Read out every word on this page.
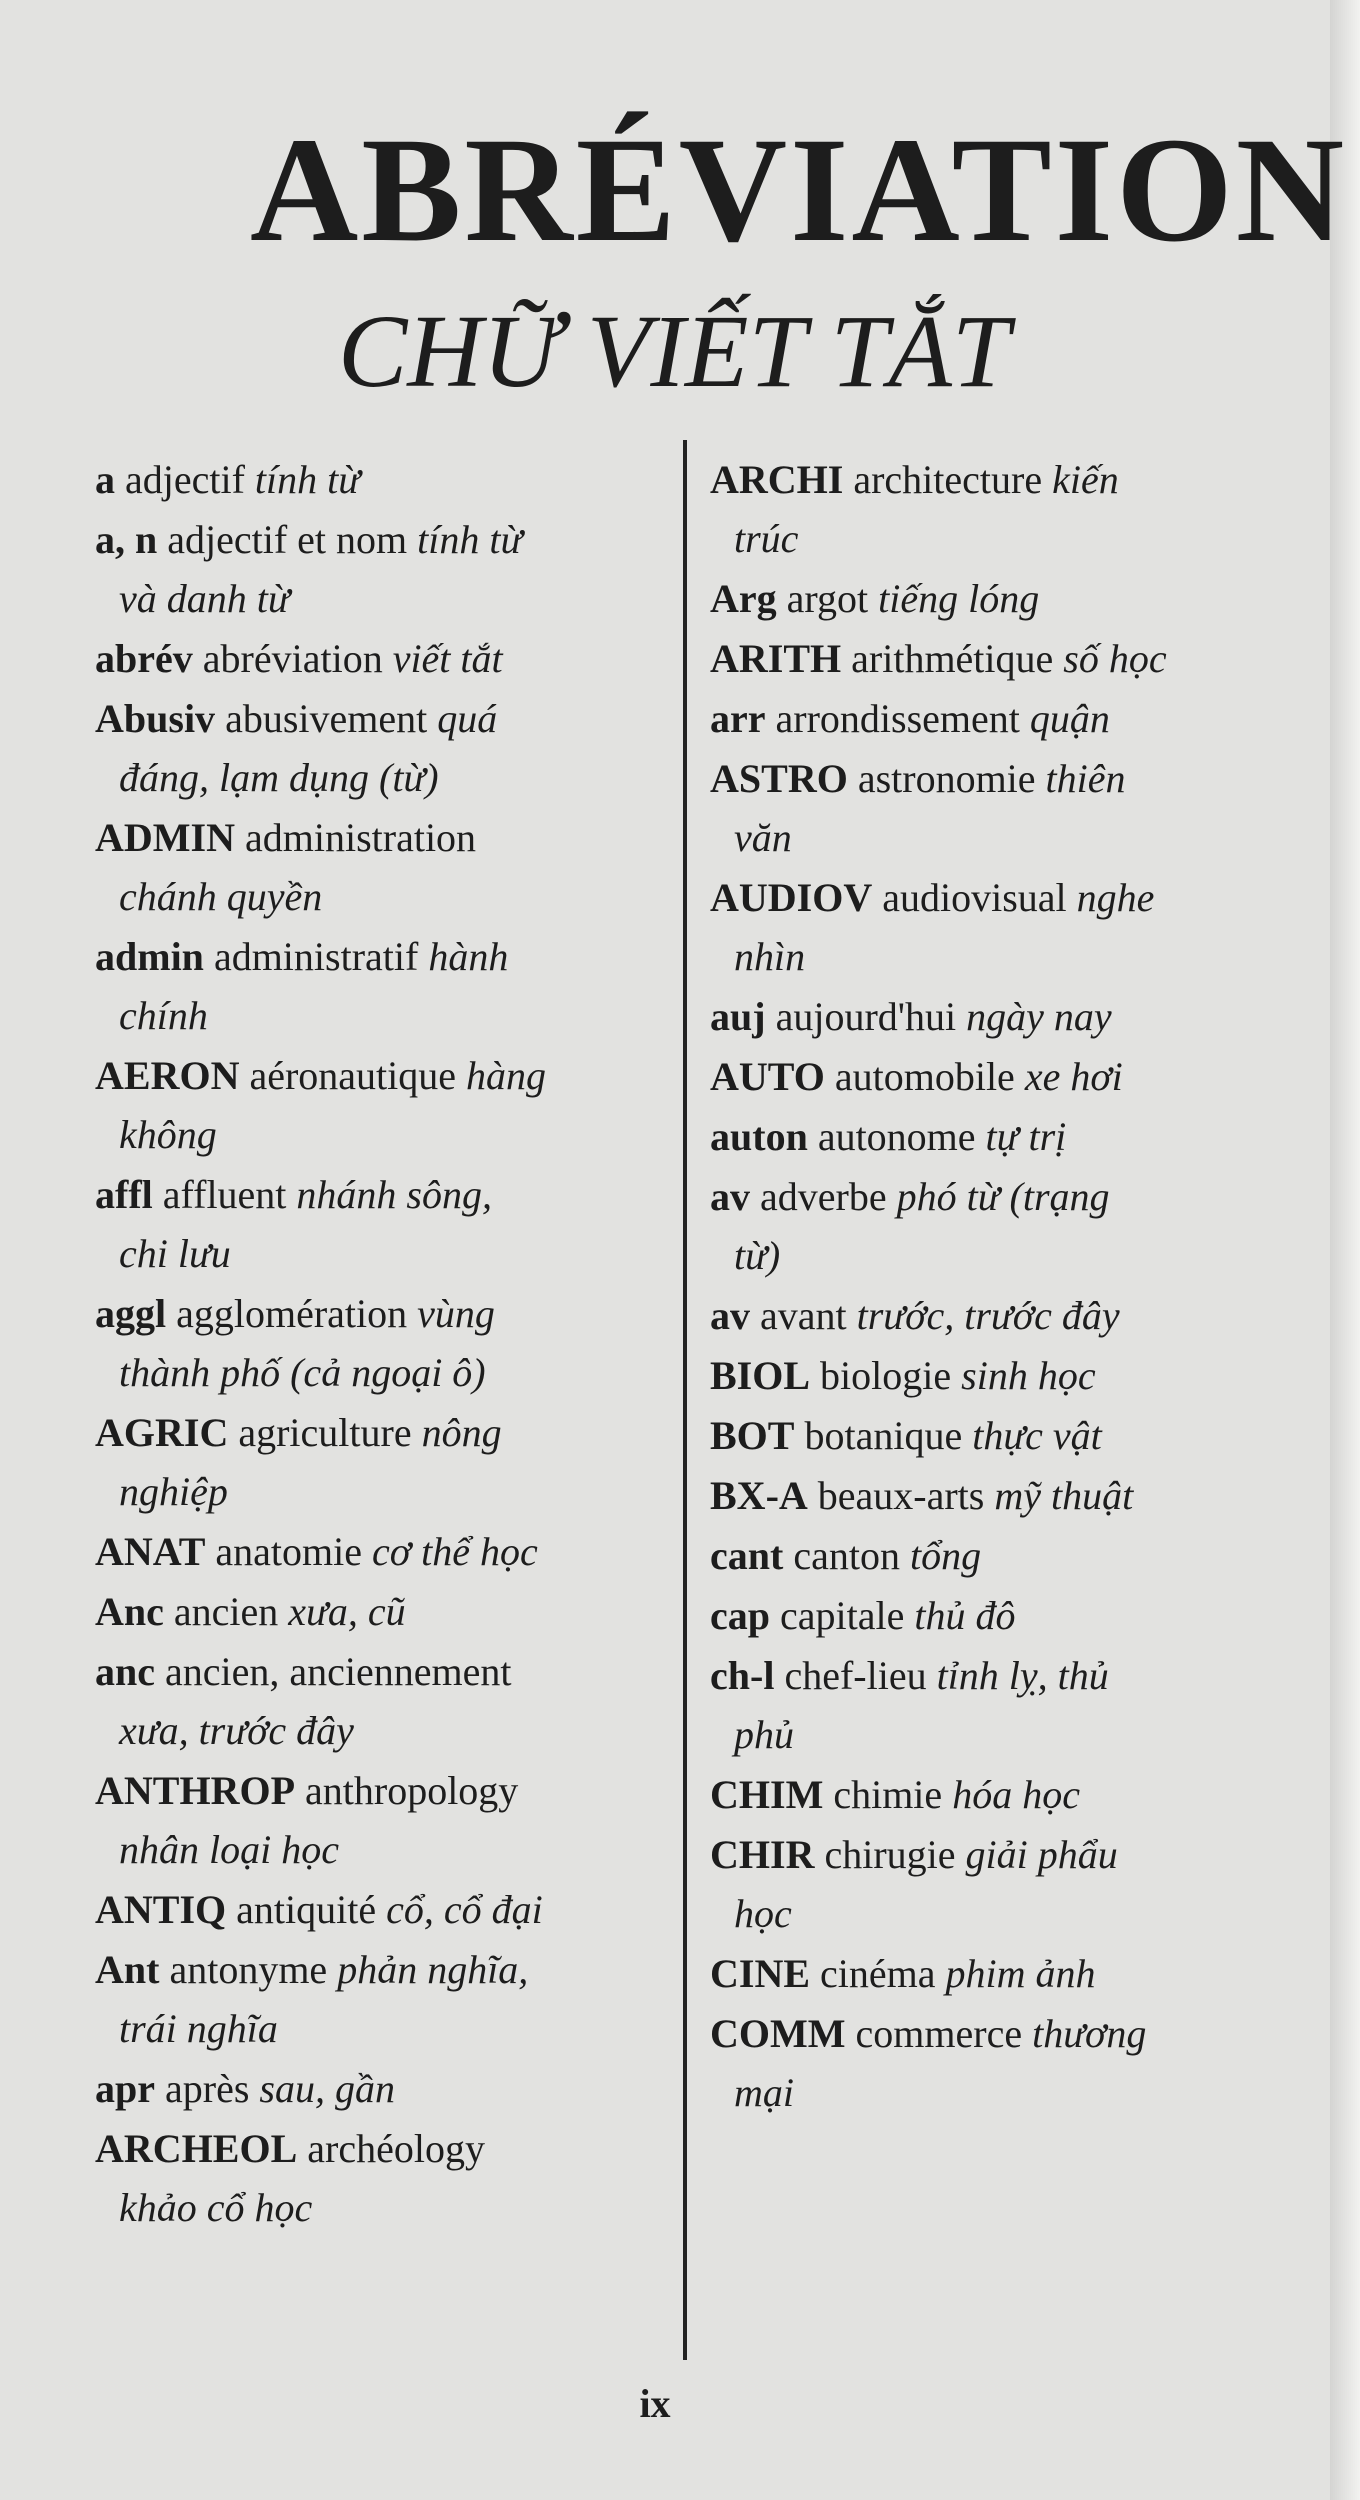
ABRÉVIATION
CHỮ VIẾT TẮT
a adjectif tính từ
a, n adjectif et nom tính từ
và danh từ
abrév abréviation viết tắt
Abusiv abusivement quá
đáng, lạm dụng (từ)
ADMIN administration
chánh quyền
admin administratif hành
chính
AERON aéronautique hàng
không
affl affluent nhánh sông,
chi lưu
aggl agglomération vùng
thành phố (cả ngoại ô)
AGRIC agriculture nông
nghiệp
ANAT anatomie cơ thể học
Anc ancien xưa, cũ
anc ancien, anciennement
xưa, trước đây
ANTHROP anthropology
nhân loại học
ANTIQ antiquité cổ, cổ đại
Ant antonyme phản nghĩa,
trái nghĩa
apr après sau, gần
ARCHEOL archéology
khảo cổ học
ARCHI architecture kiến
trúc
Arg argot tiếng lóng
ARITH arithmétique số học
arr arrondissement quận
ASTRO astronomie thiên
văn
AUDIOV audiovisual nghe
nhìn
auj aujourd'hui ngày nay
AUTO automobile xe hơi
auton autonome tự trị
av adverbe phó từ (trạng
từ)
av avant trước, trước đây
BIOL biologie sinh học
BOT botanique thực vật
BX-A beaux-arts mỹ thuật
cant canton tổng
cap capitale thủ đô
ch-l chef-lieu tỉnh lỵ, thủ
phủ
CHIM chimie hóa học
CHIR chirugie giải phẩu
học
CINE cinéma phim ảnh
COMM commerce thương
mại
ix
